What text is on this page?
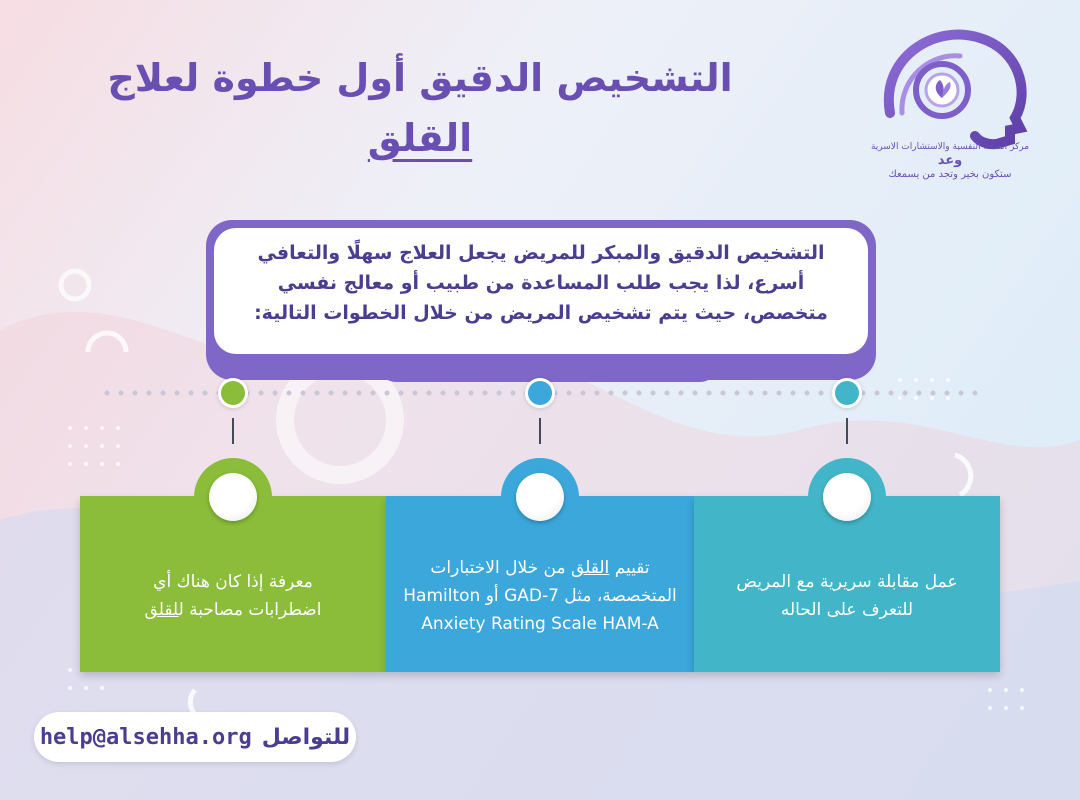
التشخيص الدقيق أول خطوة لعلاج
القلق	مركز الصحة النفسية والاستشارات الاسرية
وعد
ستكون بخير وتجد من يسمعك
التشخيص الدقيق والمبكر للمريض يجعل العلاج سهلًا والتعافي أسرع، لذا يجب طلب المساعدة من طبيب أو معالج نفسي متخصص، حيث يتم تشخيص المريض من خلال الخطوات التالية:
عمل مقابلة سريرية مع المريض
للتعرف على الحاله
تقييم القلق من خلال الاختبارات المتخصصة، مثل GAD-7 أو Hamilton Anxiety Rating Scale HAM-A
معرفة إذا كان هناك أي اضطرابات مصاحبة للقلق
help@alsehha.org للتواصل
